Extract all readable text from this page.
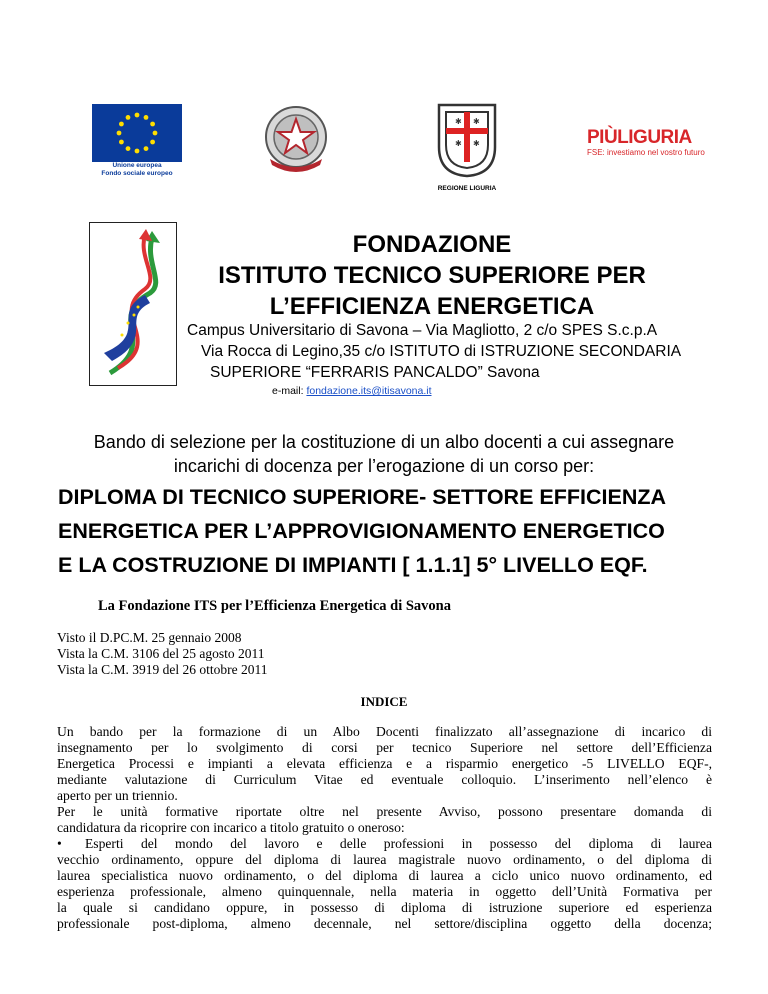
Unione europea
Fondo sociale europeo
✱ ✱
✱ ✱
REGIONE LIGURIA
PIÙLIGURIA
FSE: investiamo nel vostro futuro
FONDAZIONE
ISTITUTO TECNICO SUPERIORE PER
L’EFFICIENZA ENERGETICA
Campus Universitario di Savona – Via Magliotto, 2 c/o SPES S.c.p.A
Via Rocca di Legino,35 c/o ISTITUTO di ISTRUZIONE SECONDARIA
SUPERIORE “FERRARIS PANCALDO” Savona
e-mail: fondazione.its@itisavona.it
Bando di selezione per la costituzione di un albo docenti a cui assegnare
incarichi di docenza per l’erogazione di un corso per:
DIPLOMA DI TECNICO SUPERIORE- SETTORE EFFICIENZA
ENERGETICA PER L’APPROVIGIONAMENTO ENERGETICO
E LA COSTRUZIONE DI IMPIANTI [ 1.1.1] 5° LIVELLO EQF.
La Fondazione ITS per l’Efficienza Energetica di Savona
Visto il D.PC.M. 25 gennaio 2008
Vista la C.M. 3106 del 25 agosto 2011
Vista la C.M. 3919 del 26 ottobre 2011
INDICE
Un bando per la formazione di un Albo Docenti finalizzato all’assegnazione di incarico di
insegnamento per lo svolgimento di corsi per tecnico Superiore nel settore dell’Efficienza
Energetica Processi e impianti a elevata efficienza e a risparmio energetico -5 LIVELLO EQF-,
mediante valutazione di Curriculum Vitae ed eventuale colloquio. L’inserimento nell’elenco è
aperto per un triennio.
Per le unità formative riportate oltre nel presente Avviso, possono presentare domanda di
candidatura da ricoprire con incarico a titolo gratuito o oneroso:
• Esperti del mondo del lavoro e delle professioni in possesso del diploma di laurea
vecchio ordinamento, oppure del diploma di laurea magistrale nuovo ordinamento, o del diploma di
laurea specialistica nuovo ordinamento, o del diploma di laurea a ciclo unico nuovo ordinamento, ed
esperienza professionale, almeno quinquennale, nella materia in oggetto dell’Unità Formativa per
la quale si candidano oppure, in possesso di diploma di istruzione superiore ed esperienza
professionale post-diploma, almeno decennale, nel settore/disciplina oggetto della docenza;
